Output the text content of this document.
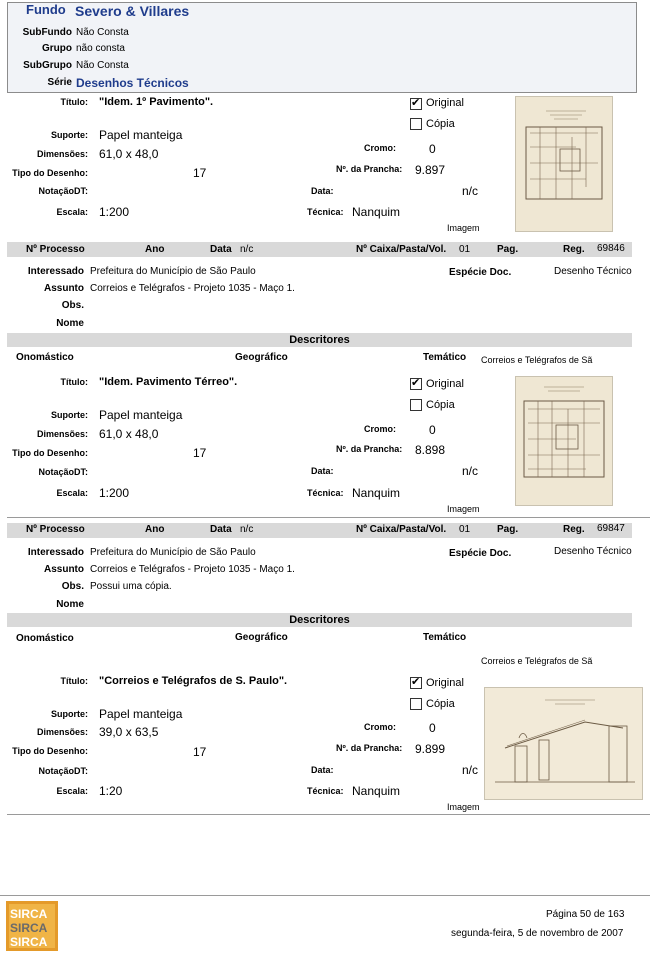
Fundo Severo & Villares
SubFundo Não Consta
Grupo não consta
SubGrupo Não Consta
Série Desenhos Técnicos
Título: "Idem. 1º Pavimento". ✔	Original
Cópia
Suporte: Papel manteiga
Cromo:	0
Dimensões: 61,0 x 48,0
Nº. da Prancha: 9.897
Tipo do Desenho:	17
NotaçãoDT:	Data:	n/c
Escala: 1:200	Técnica: Nanquim
Imagem
Nº Processo	Ano	Data n/c	Nº Caixa/Pasta/Vol. 01	Pag.	Reg. 69846
Interessado Prefeitura do Município de São Paulo
Assunto Correios e Telégrafos - Projeto 1035 - Maço 1.
Espécie Doc.	Desenho Técnico
Obs.
Nome
Descritores
Onomástico	Geográfico	Temático Correios e Telégrafos de Sã
Título: "Idem. Pavimento Térreo". ✔	Original
Cópia
Suporte: Papel manteiga
Cromo:	0
Dimensões: 61,0 x 48,0
Nº. da Prancha: 8.898
Tipo do Desenho:	17
NotaçãoDT:	Data:	n/c
Escala: 1:200	Técnica: Nanquim
Imagem
Nº Processo	Ano	Data n/c	Nº Caixa/Pasta/Vol. 01	Pag.	Reg. 69847
Interessado Prefeitura do Município de São Paulo
Assunto Correios e Telégrafos - Projeto 1035 - Maço 1.
Espécie Doc.	Desenho Técnico
Obs. Possui uma cópia.
Nome
Descritores
Onomástico	Geográfico	Temático
Correios e Telégrafos de Sã
Título: "Correios e Telégrafos de S. Paulo". ✔	Original
Cópia
Suporte: Papel manteiga
Cromo:	0
Dimensões: 39,0 x 63,5
Nº. da Prancha: 9.899
Tipo do Desenho:	17
NotaçãoDT:	Data:	n/c
Escala: 1:20	Técnica: Nanquim
Imagem
SIRCA
SIRCA
SIRCA
Página 50 de 163
segunda-feira, 5 de novembro de 2007
